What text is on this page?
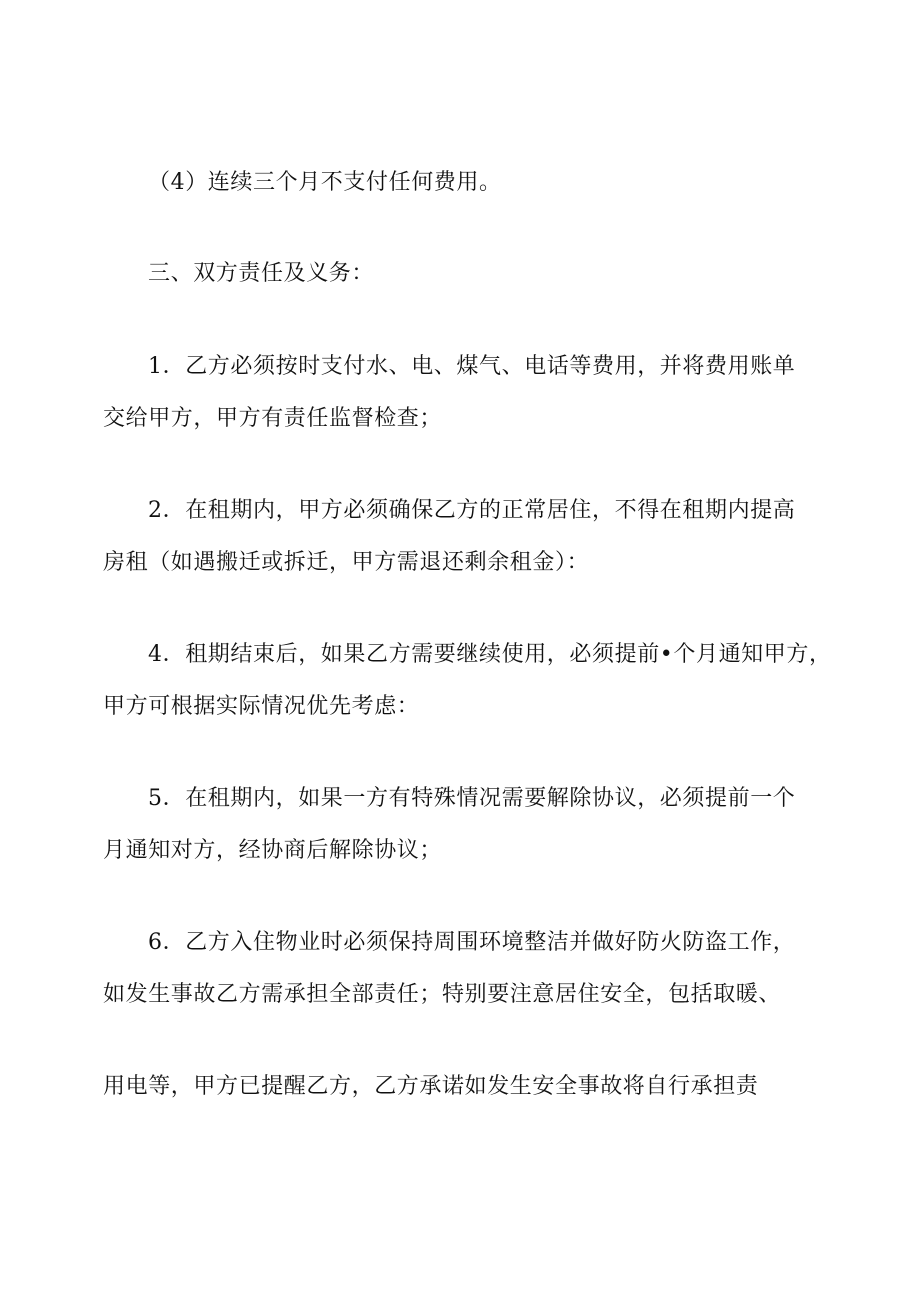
（4）连续三个月不支付任何费用。
三、双方责任及义务：
1．乙方必须按时支付水、电、煤气、电话等费用，并将费用账单
交给甲方，甲方有责任监督检查；
2．在租期内，甲方必须确保乙方的正常居住，不得在租期内提高
房租（如遇搬迁或拆迁，甲方需退还剩余租金）：
4．租期结束后，如果乙方需要继续使用，必须提前•个月通知甲方，
甲方可根据实际情况优先考虑：
5．在租期内，如果一方有特殊情况需要解除协议，必须提前一个
月通知对方，经协商后解除协议；
6．乙方入住物业时必须保持周围环境整洁并做好防火防盗工作，
如发生事故乙方需承担全部责任；特别要注意居住安全，包括取暖、
用电等，甲方已提醒乙方，乙方承诺如发生安全事故将自行承担责
